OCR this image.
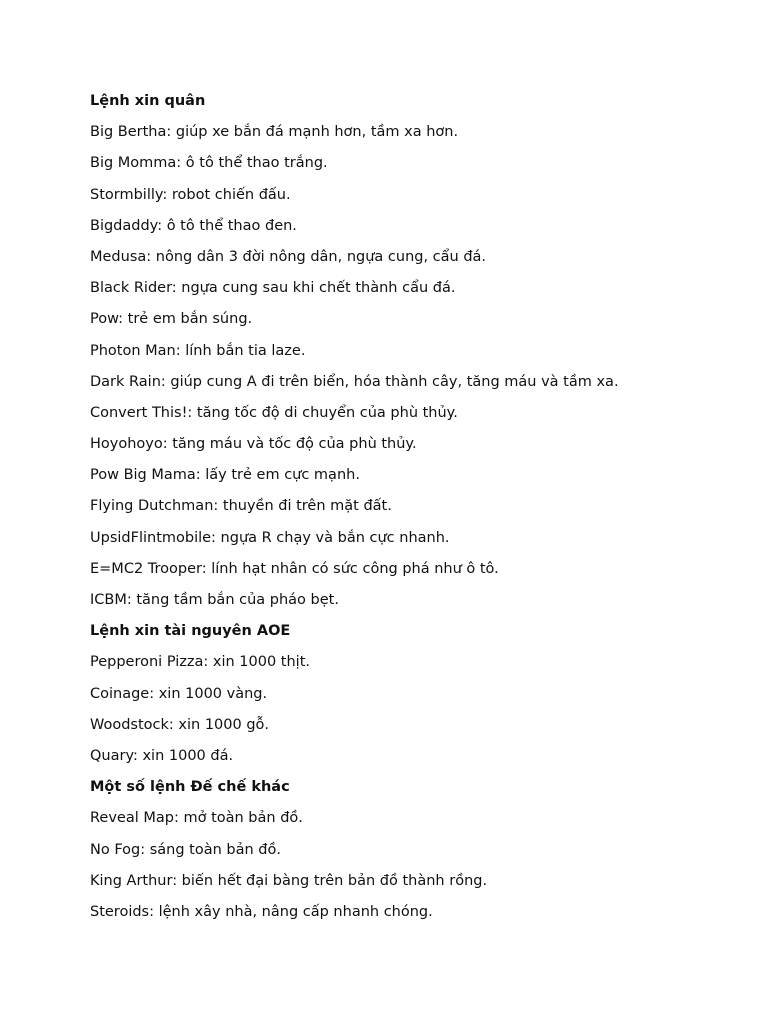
Lệnh xin quân
Big Bertha: giúp xe bắn đá mạnh hơn, tầm xa hơn.
Big Momma: ô tô thể thao trắng.
Stormbilly: robot chiến đấu.
Bigdaddy: ô tô thể thao đen.
Medusa: nông dân 3 đời nông dân, ngựa cung, cẩu đá.
Black Rider: ngựa cung sau khi chết thành cẩu đá.
Pow: trẻ em bắn súng.
Photon Man: lính bắn tia laze.
Dark Rain: giúp cung A đi trên biển, hóa thành cây, tăng máu và tầm xa.
Convert This!: tăng tốc độ di chuyển của phù thủy.
Hoyohoyo: tăng máu và tốc độ của phù thủy.
Pow Big Mama: lấy trẻ em cực mạnh.
Flying Dutchman: thuyền đi trên mặt đất.
UpsidFlintmobile: ngựa R chạy và bắn cực nhanh.
E=MC2 Trooper: lính hạt nhân có sức công phá như ô tô.
ICBM: tăng tầm bắn của pháo bẹt.
Lệnh xin tài nguyên AOE
Pepperoni Pizza: xin 1000 thịt.
Coinage: xin 1000 vàng.
Woodstock: xin 1000 gỗ.
Quary: xin 1000 đá.
Một số lệnh Đế chế khác
Reveal Map: mở toàn bản đồ.
No Fog: sáng toàn bản đồ.
King Arthur: biến hết đại bàng trên bản đồ thành rồng.
Steroids: lệnh xây nhà, nâng cấp nhanh chóng.
